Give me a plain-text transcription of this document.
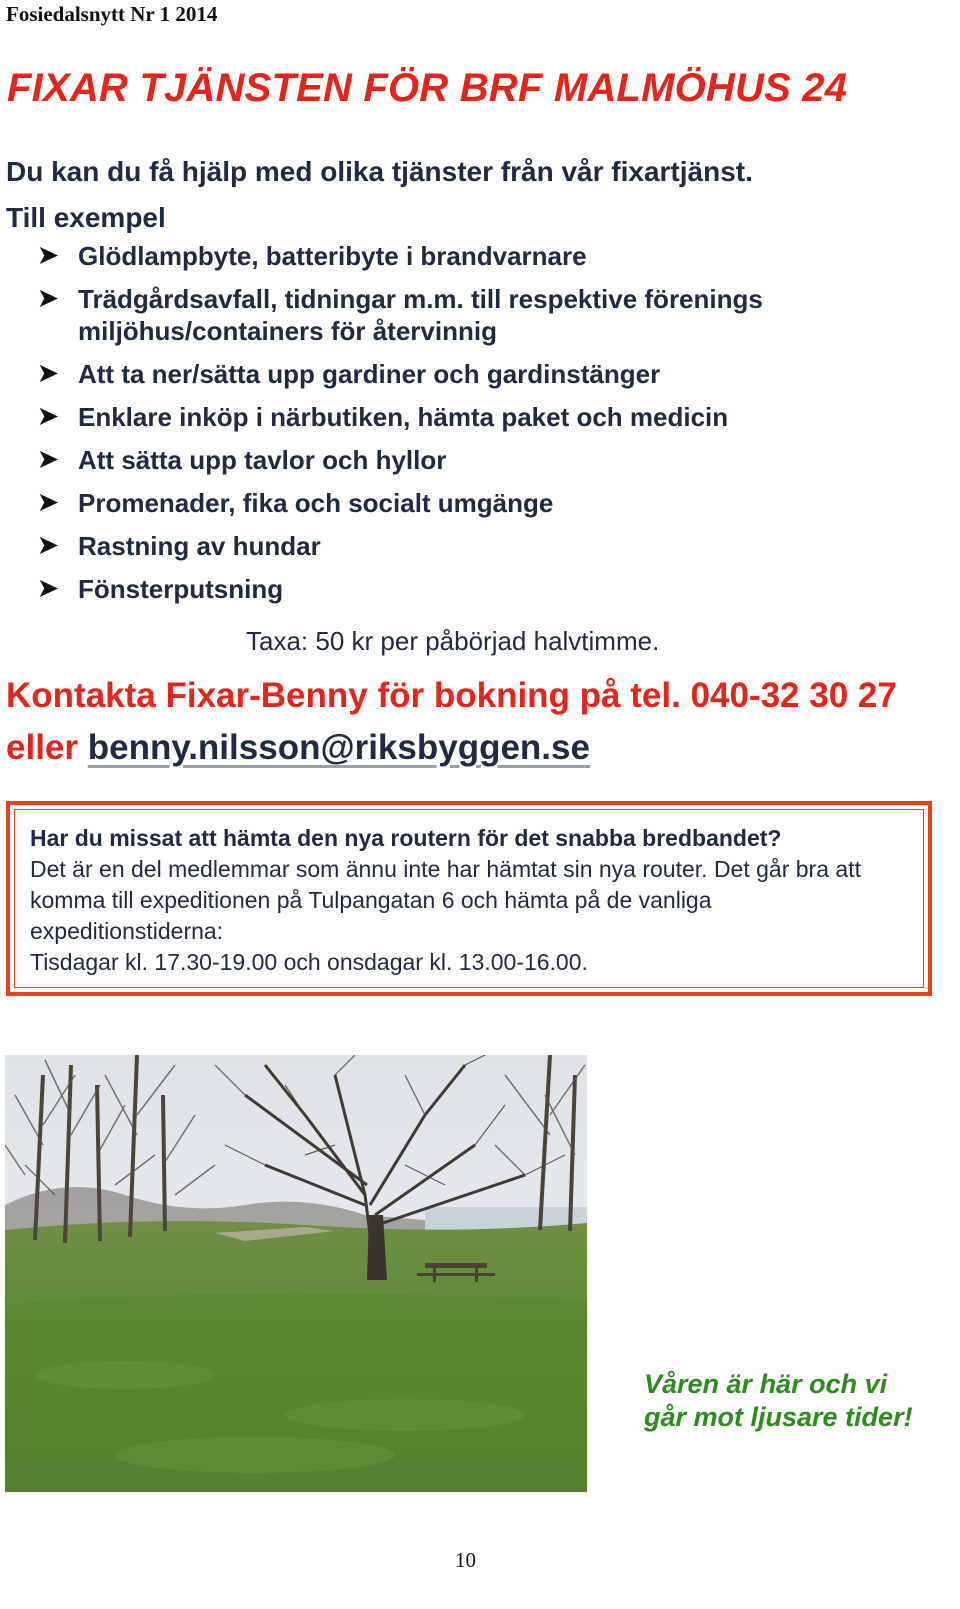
Fosiedalsnytt Nr 1 2014
FIXAR TJÄNSTEN FÖR BRF MALMÖHUS 24
Du kan du få hjälp med olika tjänster från vår fixartjänst.
Till exempel
➤ Glödlampbyte, batteribyte i brandvarnare
➤ Trädgårdsavfall, tidningar m.m. till respektive förenings miljöhus/containers för återvinnig
➤ Att ta ner/sätta upp gardiner och gardinstänger
➤ Enklare inköp i närbutiken, hämta paket och medicin
➤ Att sätta upp tavlor och hyllor
➤ Promenader, fika och socialt umgänge
➤ Rastning av hundar
➤ Fönsterputsning
Taxa: 50 kr per påbörjad halvtimme.
Kontakta Fixar-Benny för bokning på tel. 040-32 30 27
eller benny.nilsson@riksbyggen.se
Har du missat att hämta den nya routern för det snabba bredbandet?
Det är en del medlemmar som ännu inte har hämtat sin nya router. Det går bra att komma till expeditionen på Tulpangatan 6 och hämta på de vanliga expeditionstiderna:
Tisdagar kl. 17.30-19.00 och onsdagar kl. 13.00-16.00.
Våren är här och vi
går mot ljusare tider!
10
